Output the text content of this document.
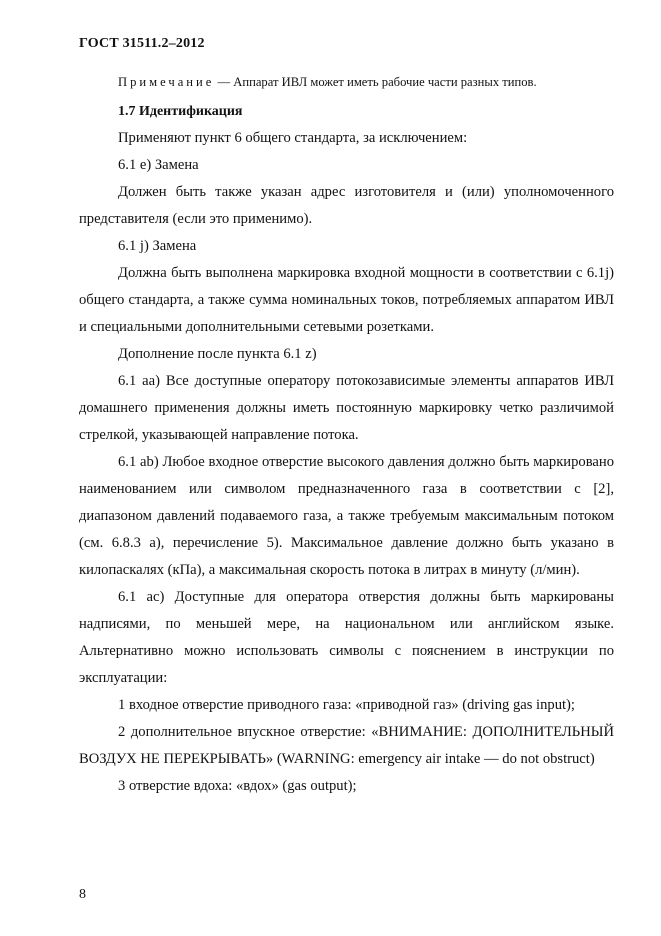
ГОСТ 31511.2–2012

Примечание — Аппарат ИВЛ может иметь рабочие части разных типов.

1.7 Идентификация

Применяют пункт 6 общего стандарта, за исключением:

6.1 е) Замена

Должен быть также указан адрес изготовителя и (или) уполномоченного представителя (если это применимо).

6.1 j) Замена

Должна быть выполнена маркировка входной мощности в соответствии с 6.1j) общего стандарта, а также сумма номинальных токов, потребляемых аппаратом ИВЛ и специальными дополнительными сетевыми розетками.

Дополнение после пункта 6.1 z)

6.1 aa) Все доступные оператору потокозависимые элементы аппаратов ИВЛ домашнего применения должны иметь постоянную маркировку четко различимой стрелкой, указывающей направление потока.

6.1 ab) Любое входное отверстие высокого давления должно быть маркировано наименованием или символом предназначенного газа в соответствии с [2], диапазоном давлений подаваемого газа, а также требуемым максимальным потоком (см. 6.8.3 а), перечисление 5). Максимальное давление должно быть указано в килопаскалях (кПа), а максимальная скорость потока в литрах в минуту (л/мин).

6.1 ac) Доступные для оператора отверстия должны быть маркированы надписями, по меньшей мере, на национальном или английском языке. Альтернативно можно использовать символы с пояснением в инструкции по эксплуатации:

1 входное отверстие приводного газа: «приводной газ» (driving gas input);

2 дополнительное впускное отверстие: «ВНИМАНИЕ: ДОПОЛНИТЕЛЬНЫЙ ВОЗДУХ НЕ ПЕРЕКРЫВАТЬ» (WARNING: emergency air intake — do not obstruct)

3 отверстие вдоха: «вдох» (gas output);

8
